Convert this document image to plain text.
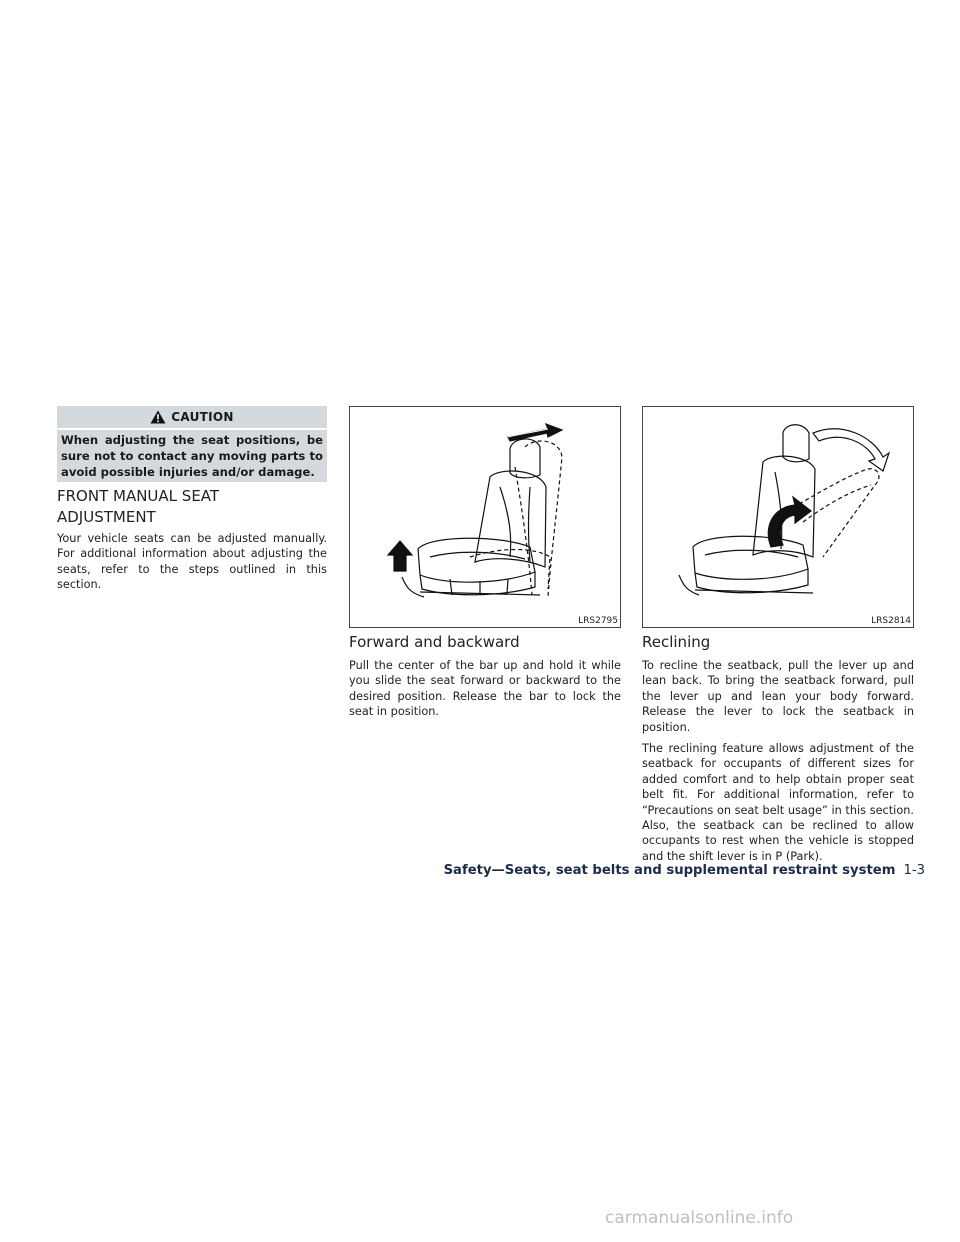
CAUTION
When adjusting the seat positions, be sure not to contact any moving parts to avoid possible injuries and/or damage.
FRONT MANUAL SEAT
ADJUSTMENT
Your vehicle seats can be adjusted manually. For additional information about adjusting the seats, refer to the steps outlined in this section.
LRS2795	LRS2814
Forward and backward
Pull the center of the bar up and hold it while you slide the seat forward or backward to the desired position. Release the bar to lock the seat in position.
Reclining
To recline the seatback, pull the lever up and lean back. To bring the seatback forward, pull the lever up and lean your body forward. Release the lever to lock the seatback in position.
The reclining feature allows adjustment of the seatback for occupants of different sizes for added comfort and to help obtain proper seat belt fit. For additional information, refer to “Precautions on seat belt usage” in this section. Also, the seatback can be reclined to allow occupants to rest when the vehicle is stopped and the shift lever is in P (Park).
Safety—Seats, seat belts and supplemental restraint system 1-3
carmanualsonline.info
